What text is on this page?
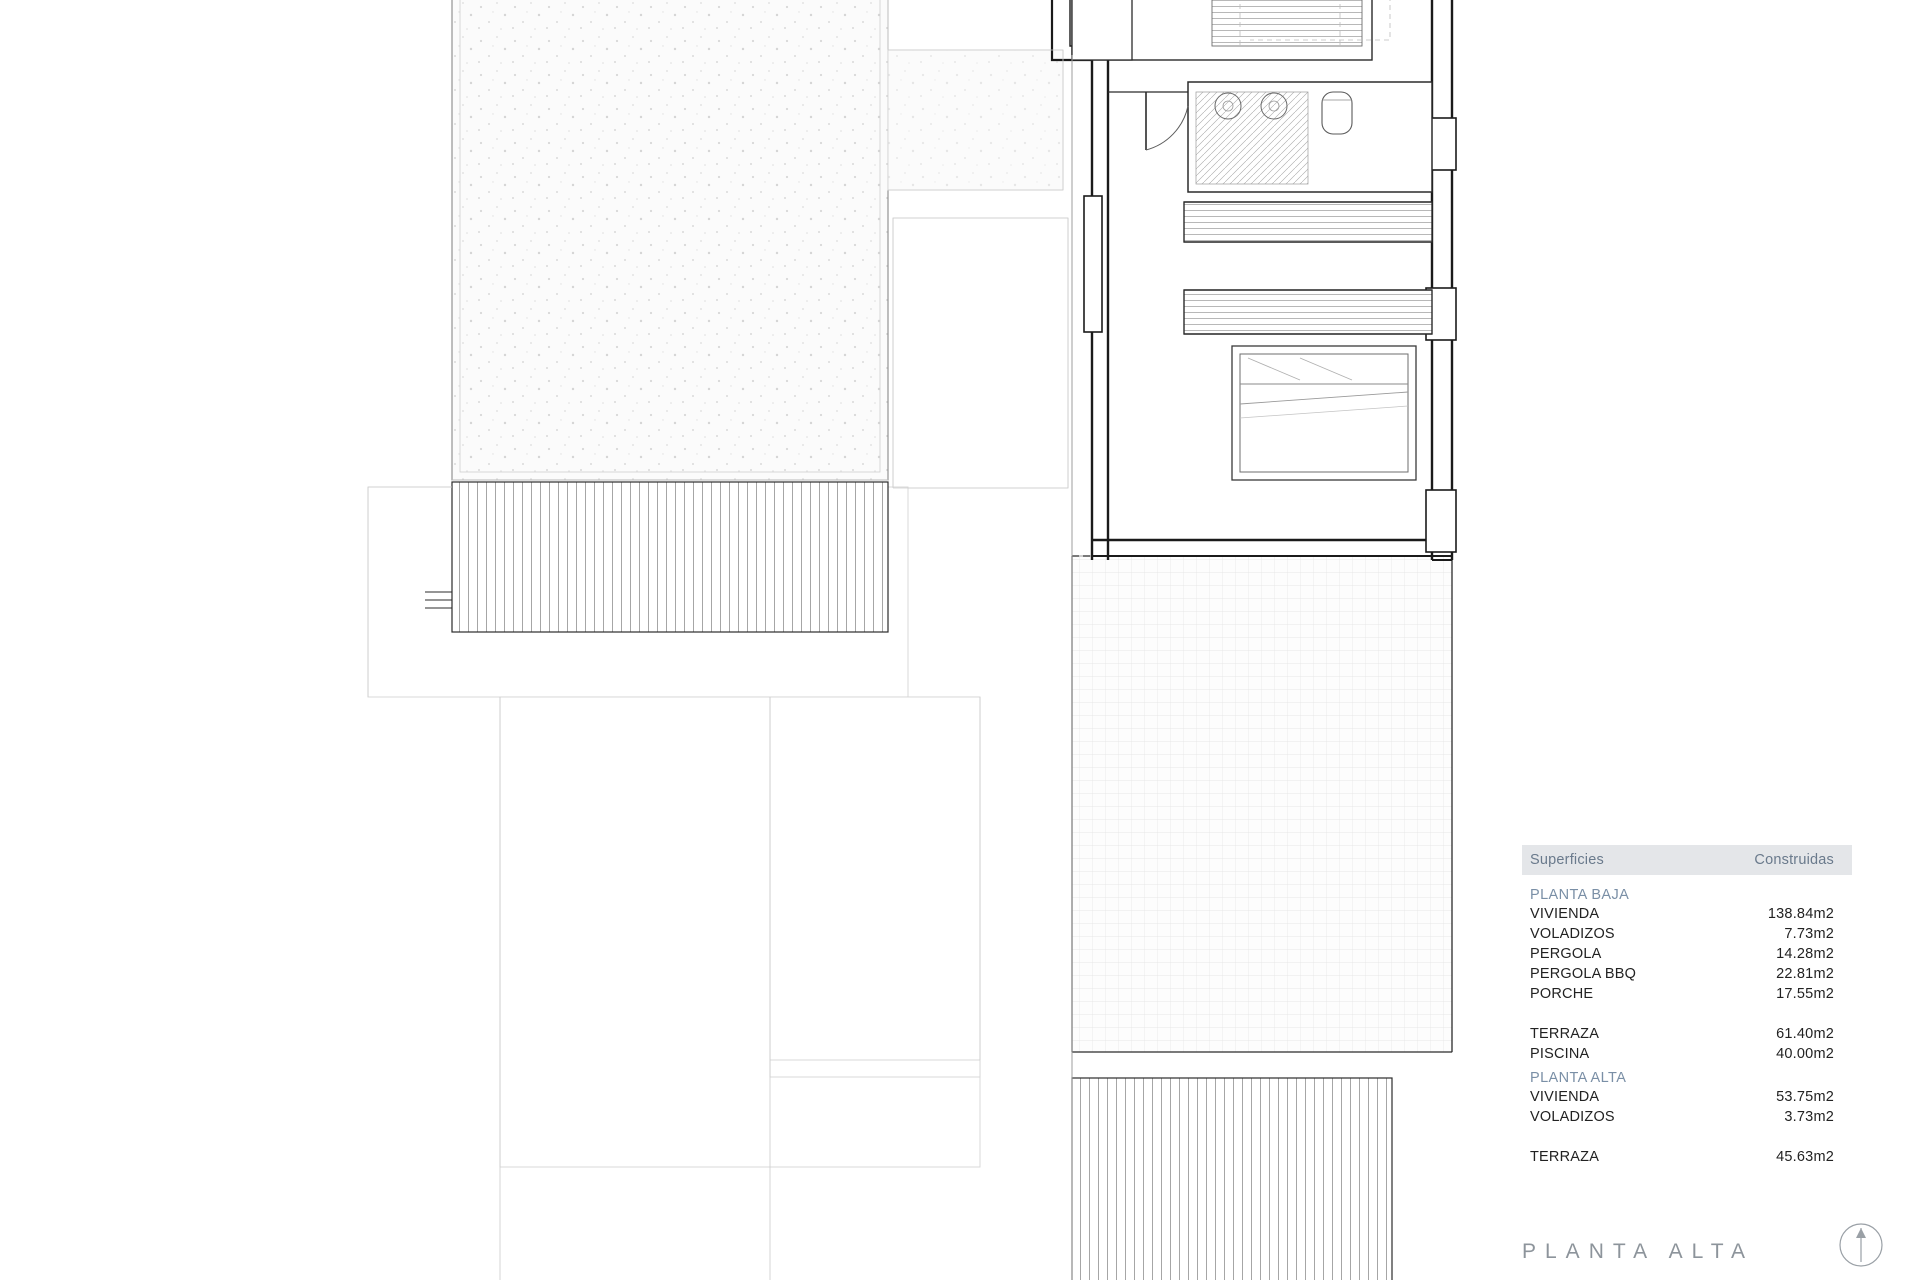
Superficies	Construidas
PLANTA BAJA
VIVIENDA	138.84m2
VOLADIZOS	7.73m2
PERGOLA	14.28m2
PERGOLA BBQ	22.81m2
PORCHE	17.55m2
TERRAZA	61.40m2
PISCINA	40.00m2
PLANTA ALTA
VIVIENDA	53.75m2
VOLADIZOS	3.73m2
TERRAZA	45.63m2
PLANTA ALTA
